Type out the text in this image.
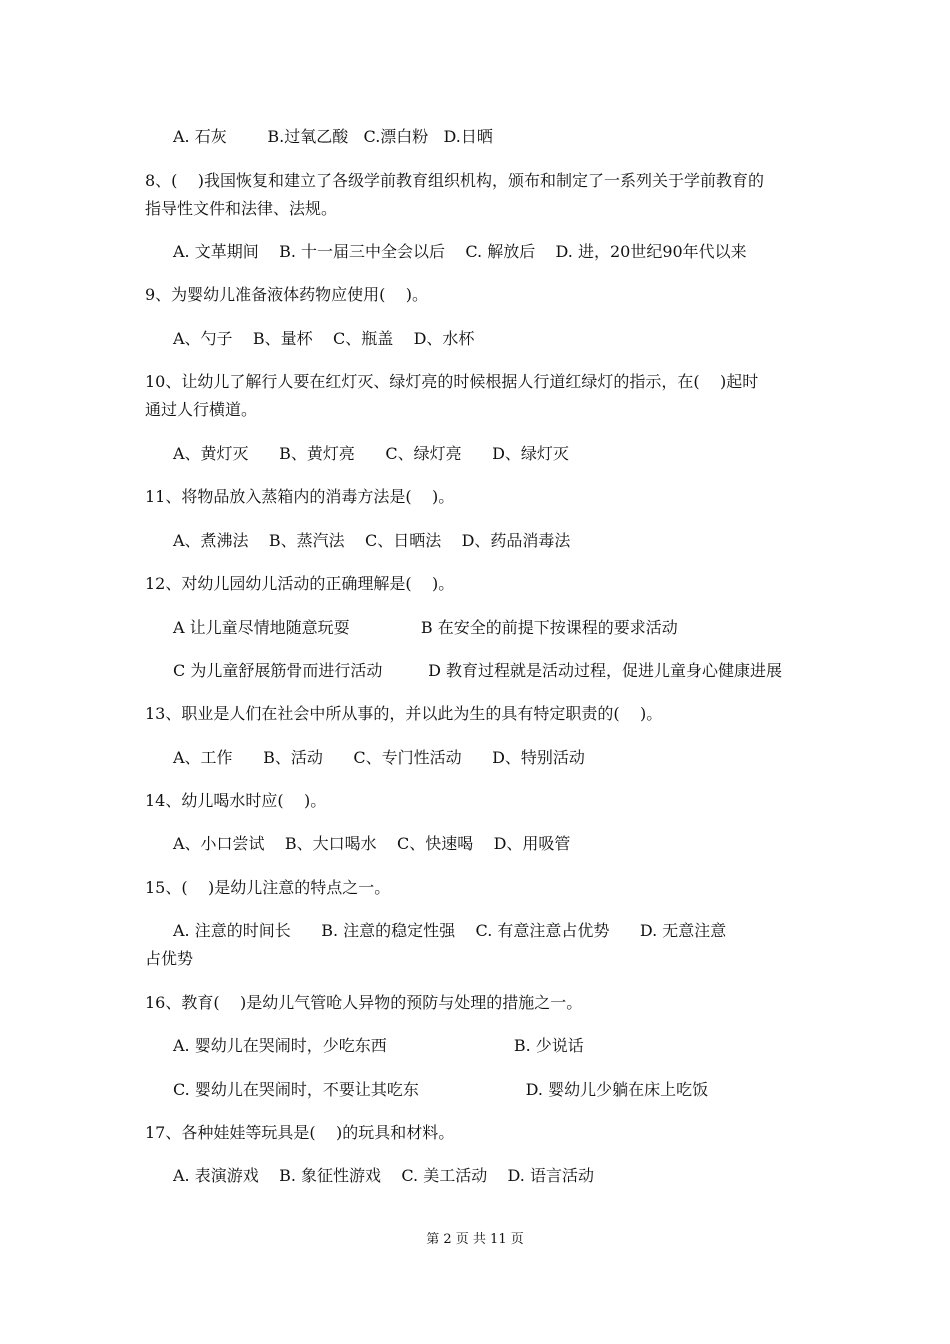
A. 石灰        B.过氧乙酸   C.漂白粉   D.日晒
8、(    )我国恢复和建立了各级学前教育组织机构，颁布和制定了一系列关于学前教育的
指导性文件和法律、法规。
A. 文革期间    B. 十一届三中全会以后    C. 解放后    D. 进，20世纪90年代以来
9、为婴幼儿准备液体药物应使用(    )。
A、勺子    B、量杯    C、瓶盖    D、水杯
10、让幼儿了解行人要在红灯灭、绿灯亮的时候根据人行道红绿灯的指示，在(    )起时
通过人行横道。
A、黄灯灭      B、黄灯亮      C、绿灯亮      D、绿灯灭
11、将物品放入蒸箱内的消毒方法是(    )。
A、煮沸法    B、蒸汽法    C、日晒法    D、药品消毒法
12、对幼儿园幼儿活动的正确理解是(    )。
A 让儿童尽情地随意玩耍              B 在安全的前提下按课程的要求活动
C 为儿童舒展筋骨而进行活动         D 教育过程就是活动过程，促进儿童身心健康进展
13、职业是人们在社会中所从事的，并以此为生的具有特定职责的(    )。
A、工作      B、活动      C、专门性活动      D、特别活动
14、幼儿喝水时应(    )。
A、小口尝试    B、大口喝水    C、快速喝    D、用吸管
15、(    )是幼儿注意的特点之一。
A. 注意的时间长      B. 注意的稳定性强    C. 有意注意占优势      D. 无意注意
占优势
16、教育(    )是幼儿气管呛人异物的预防与处理的措施之一。
A. 婴幼儿在哭闹时，少吃东西                         B. 少说话
C. 婴幼儿在哭闹时，不要让其吃东                     D. 婴幼儿少躺在床上吃饭
17、各种娃娃等玩具是(    )的玩具和材料。
A. 表演游戏    B. 象征性游戏    C. 美工活动    D. 语言活动
第 2 页 共 11 页
